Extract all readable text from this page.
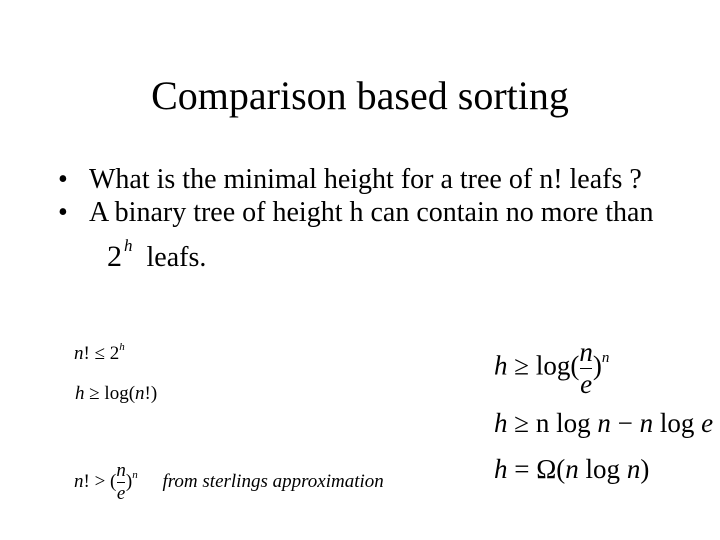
Comparison based sorting
• What is the minimal height for a tree of n! leafs ?
• A binary tree of height h can contain no more than2 $^h$ leafs.
n! ≤ $2^h$
h ≥ log(n!)
n! > ( $\frac{n}{e} )^n$ from sterlings approximation
$h \ge \log( \frac{n}{e} )^n$
h ≥ n log n − n log e
h = Ω(n log n)
